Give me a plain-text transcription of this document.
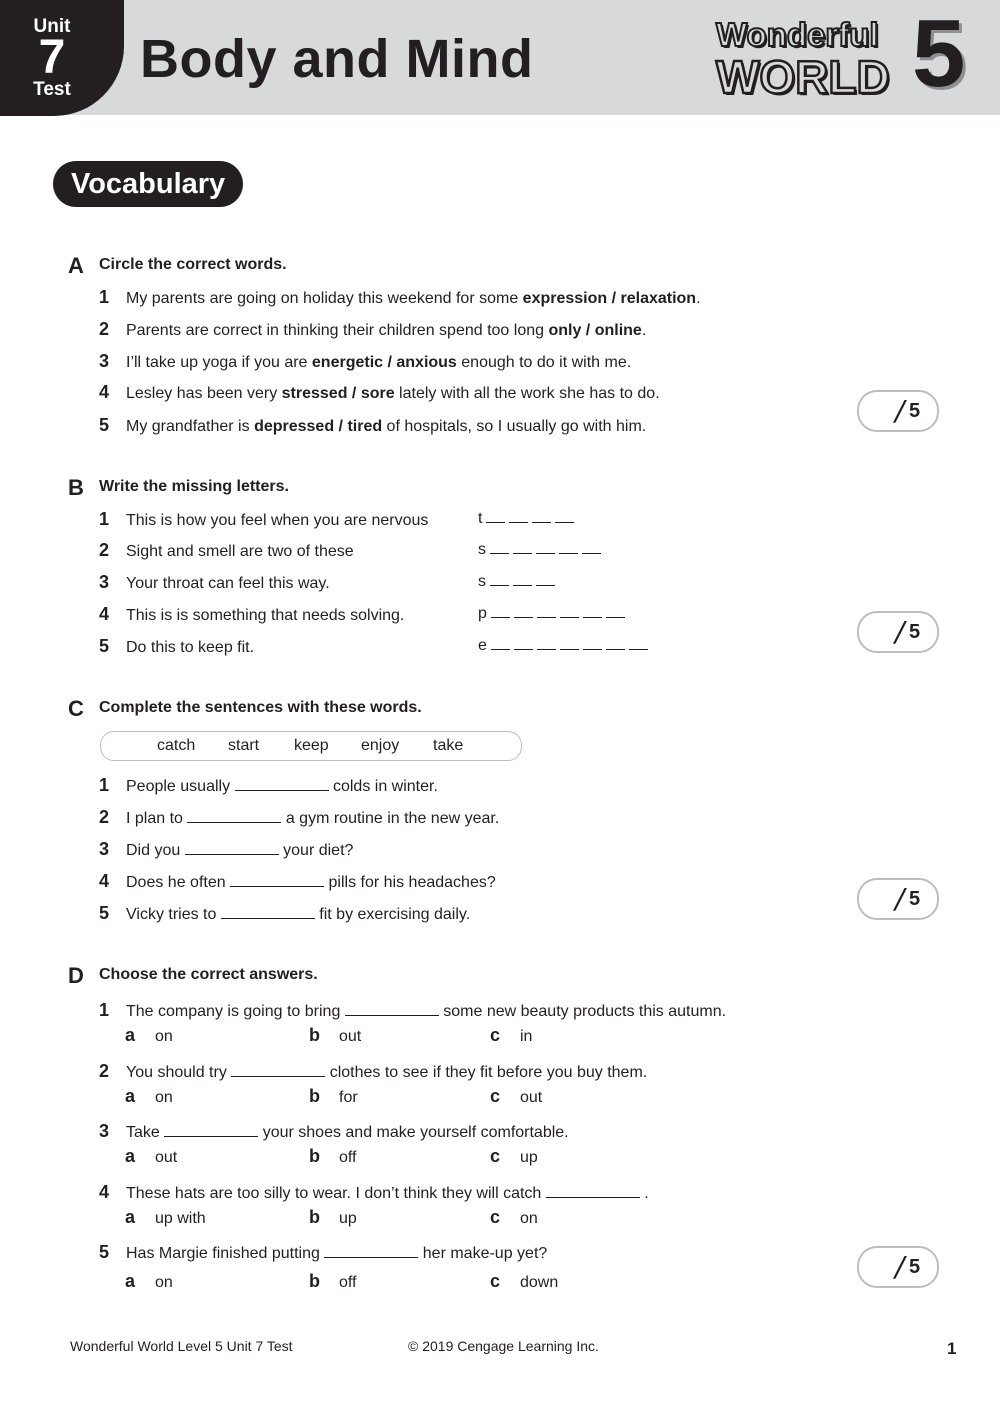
Unit
7
Test
Body and Mind	Wonderful
WORLD 5
Vocabulary
A Circle the correct words.
1 My parents are going on holiday this weekend for some expression / relaxation.
2 Parents are correct in thinking their children spend too long only / online.
3 I’ll take up yoga if you are energetic / anxious enough to do it with me.
4 Lesley has been very stressed / sore lately with all the work she has to do.
5 My grandfather is depressed / tired of hospitals, so I usually go with him.	/ 5
B Write the missing letters.
1 This is how you feel when you are nervous	t
2 Sight and smell are two of these	s
3 Your throat can feel this way.	s
4 This is is something that needs solving.	p
5 Do this to keep fit.	e	/ 5
C Complete the sentences with these words.
catch start keep enjoy take
1 People usually	colds in winter.
2 I plan to	a gym routine in the new year.
3 Did you	your diet?
4 Does he often	pills for his headaches?
5 Vicky tries to	fit by exercising daily.	/ 5
D Choose the correct answers.
1 The company is going to bring	some new beauty products this autumn.
a on	b out	c in
2 You should try	clothes to see if they fit before you buy them.
a on	b for	c out
3 Take	your shoes and make yourself comfortable.
a out	b off	c up
4 These hats are too silly to wear. I don’t think they will catch	.
a up with	b up	c on
5 Has Margie finished putting	her make-up yet?
a on	b off	c down	/ 5
Wonderful World Level 5 Unit 7 Test	© 2019 Cengage Learning Inc.	1
